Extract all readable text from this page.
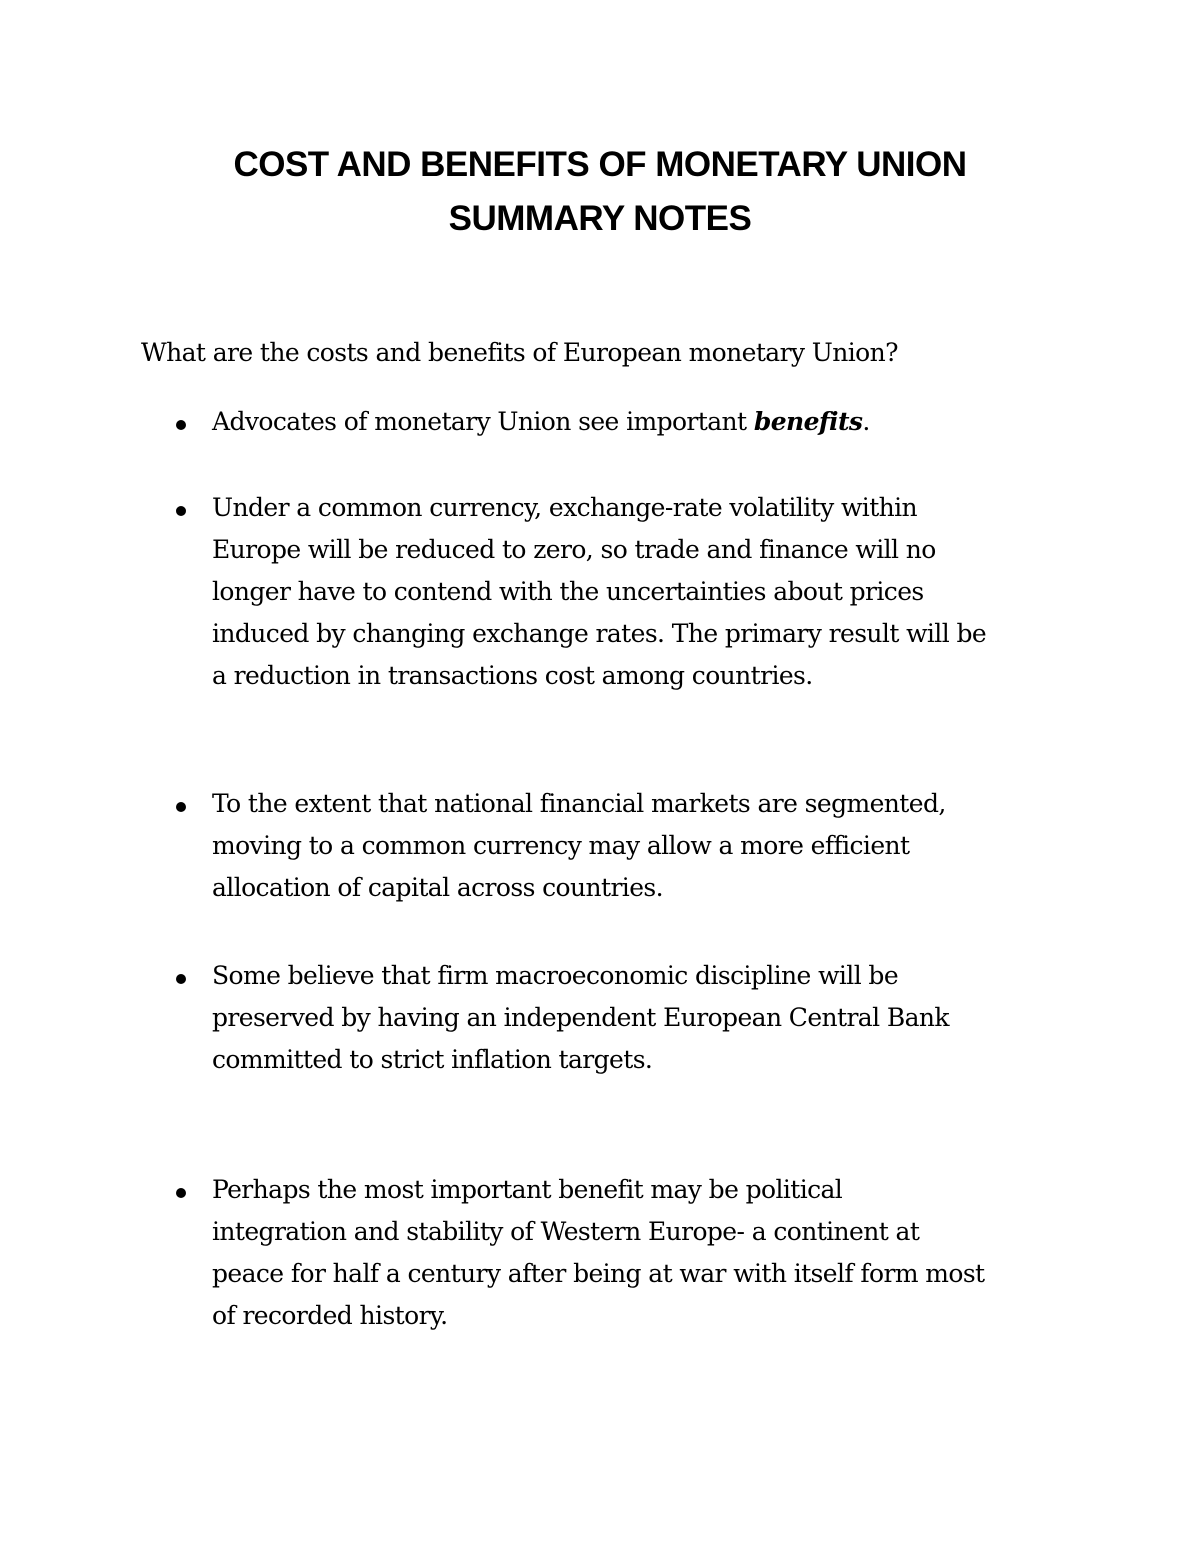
COST AND BENEFITS OF MONETARY UNION
SUMMARY NOTES
What are the costs and benefits of European monetary Union?
Advocates of monetary Union see important benefits.
Under a common currency, exchange-rate volatility within
Europe will be reduced to zero, so trade and finance will no
longer have to contend with the uncertainties about prices
induced by changing exchange rates. The primary result will be
a reduction in transactions cost among countries.
To the extent that national financial markets are segmented,
moving to a common currency may allow a more efficient
allocation of capital across countries.
Some believe that firm macroeconomic discipline will be
preserved by having an independent European Central Bank
committed to strict inflation targets.
Perhaps the most important benefit may be political
integration and stability of Western Europe- a continent at
peace for half a century after being at war with itself form most
of recorded history.
